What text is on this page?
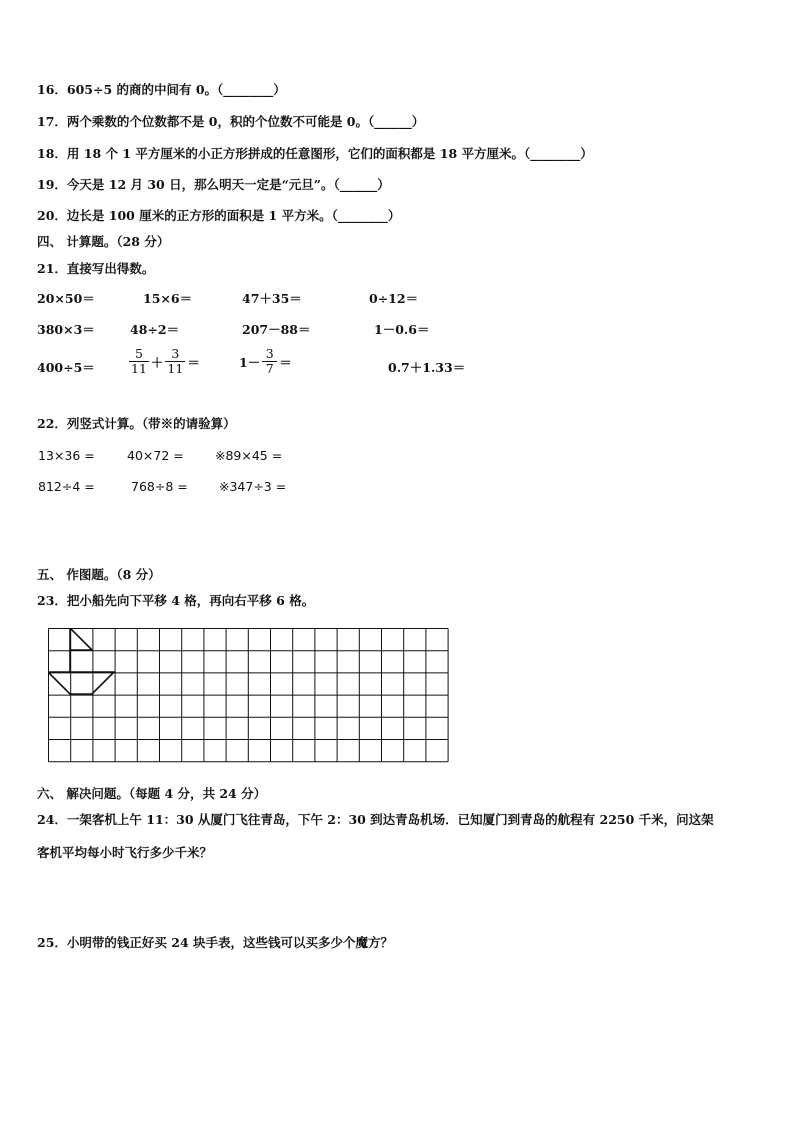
16．605÷5 的商的中间有 0。（________）
17．两个乘数的个位数都不是 0，积的个位数不可能是 0。（______）
18．用 18 个 1 平方厘米的小正方形拼成的任意图形，它们的面积都是 18 平方厘米。（________）
19．今天是 12 月 30 日，那么明天一定是“元旦”。（______）
20．边长是 100 厘米的正方形的面积是 1 平方米。（________）
四、 计算题。（28 分）
21．直接写出得数。
20×50＝	15×6＝	47＋35＝	0÷12＝
380×3＝	48÷2＝	207－88＝	1－0.6＝
400÷5＝	$\frac{5}{11} + \frac{3}{11}$ ＝	$1- \frac{3}{7}$ ＝	0.7＋1.33＝
22．列竖式计算。（带※的请验算）
13×36 =	40×72 =	※89×45 =
812÷4 =	768÷8 =	※347÷3 =
五、 作图题。（8 分）
23．把小船先向下平移 4 格，再向右平移 6 格。
六、 解决问题。（每题 4 分，共 24 分）
24．一架客机上午 11：30 从厦门飞往青岛，下午 2：30 到达青岛机场．已知厦门到青岛的航程有 2250 千米，问这架
客机平均每小时飞行多少千米？
25．小明带的钱正好买 24 块手表，这些钱可以买多少个魔方？
